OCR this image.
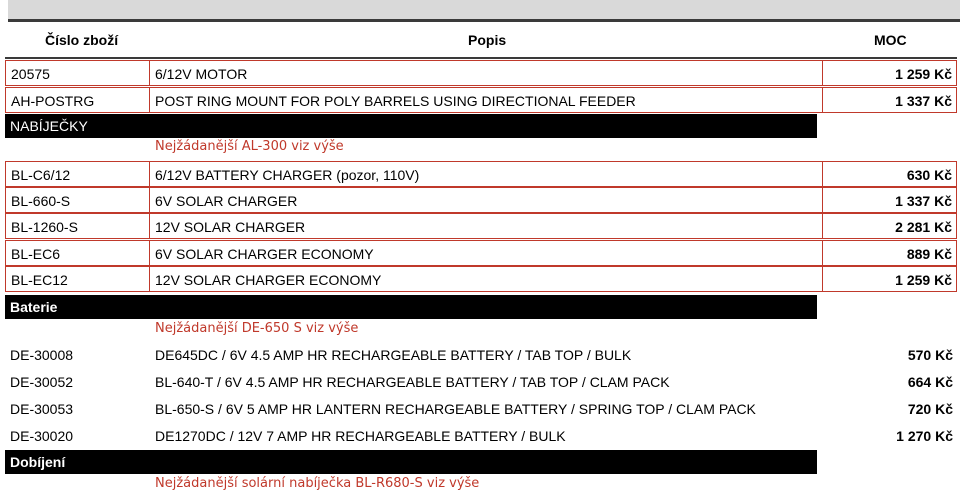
Číslo zboží	Popis	MOC
20575	6/12V MOTOR	1 259 Kč
AH-POSTRG	POST RING MOUNT FOR POLY BARRELS USING DIRECTIONAL FEEDER	1 337 Kč
NABÍJEČKY
Nejžádanější AL-300 viz výše
BL-C6/12	6/12V BATTERY CHARGER (pozor, 110V)	630 Kč
BL-660-S	6V SOLAR CHARGER	1 337 Kč
BL-1260-S	12V SOLAR CHARGER	2 281 Kč
BL-EC6	6V SOLAR CHARGER ECONOMY	889 Kč
BL-EC12	12V SOLAR CHARGER ECONOMY	1 259 Kč
Baterie
Nejžádanější DE-650 S viz výše
DE-30008	DE645DC / 6V 4.5 AMP HR RECHARGEABLE BATTERY / TAB TOP / BULK	570 Kč
DE-30052	BL-640-T / 6V 4.5 AMP HR RECHARGEABLE BATTERY / TAB TOP / CLAM PACK	664 Kč
DE-30053	BL-650-S / 6V 5 AMP HR LANTERN RECHARGEABLE BATTERY / SPRING TOP / CLAM PACK	720 Kč
DE-30020	DE1270DC / 12V 7 AMP HR RECHARGEABLE BATTERY / BULK	1 270 Kč
Dobíjení
Nejžádanější solární nabíječka BL-R680-S viz výše
